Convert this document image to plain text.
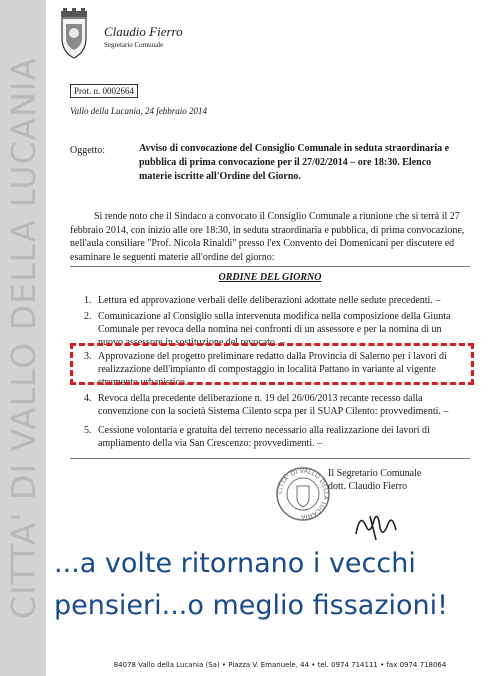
CITTA' DI VALLO DELLA LUCANIA
Claudio Fierro
Segretario Comunale
Prot. n. 0002664
Vallo della Lucania, 24 febbraio 2014
Oggetto:	Avviso di convocazione del Consiglio Comunale in seduta straordinaria e pubblica di prima convocazione per il 27/02/2014 – ore 18:30. Elenco materie iscritte all'Ordine del Giorno.
Si rende noto che il Sindaco a convocato il Consiglio Comunale a riunione che si terrà il 27 febbraio 2014, con inizio alle ore 18:30, in seduta straordinaria e pubblica, di prima convocazione, nell'aula consiliare "Prof. Nicola Rinaldi" presso l'ex Convento dei Domenicani per discutere ed esaminare le seguenti materie all'ordine del giorno:
ORDINE DEL GIORNO
1. Lettura ed approvazione verbali delle deliberazioni adottate nelle sedute precedenti. –
2. Comunicazione al Consiglio sulla intervenuta modifica nella composizione della Giunta Comunale per revoca della nomina nei confronti di un assessore e per la nomina di un nuovo assessore in sostituzione del revocato. –
3. Approvazione del progetto preliminare redatto dalla Provincia di Salerno per i lavori di realizzazione dell'impianto di compostaggio in località Pattano in variante al vigente strumento urbanistico. –
4. Revoca della precedente deliberazione n. 19 del 26/06/2013 recante recesso dalla convenzione con la società Sistema Cilento scpa per il SUAP Cilento: provvedimenti. –
5. Cessione volontaria e gratuita del terreno necessario alla realizzazione dei lavori di ampliamento della via San Crescenzo: provvedimenti. –
CITTA' DI VALLO DELLA LUCANIA
Il Segretario Comunale
dott. Claudio Fierro
...a volte ritornano i vecchi
pensieri...o meglio fissazioni!
84078 Vallo della Lucania (Sa) • Piazza V. Emanuele, 44 • tel. 0974 714111 • fax 0974 718064
